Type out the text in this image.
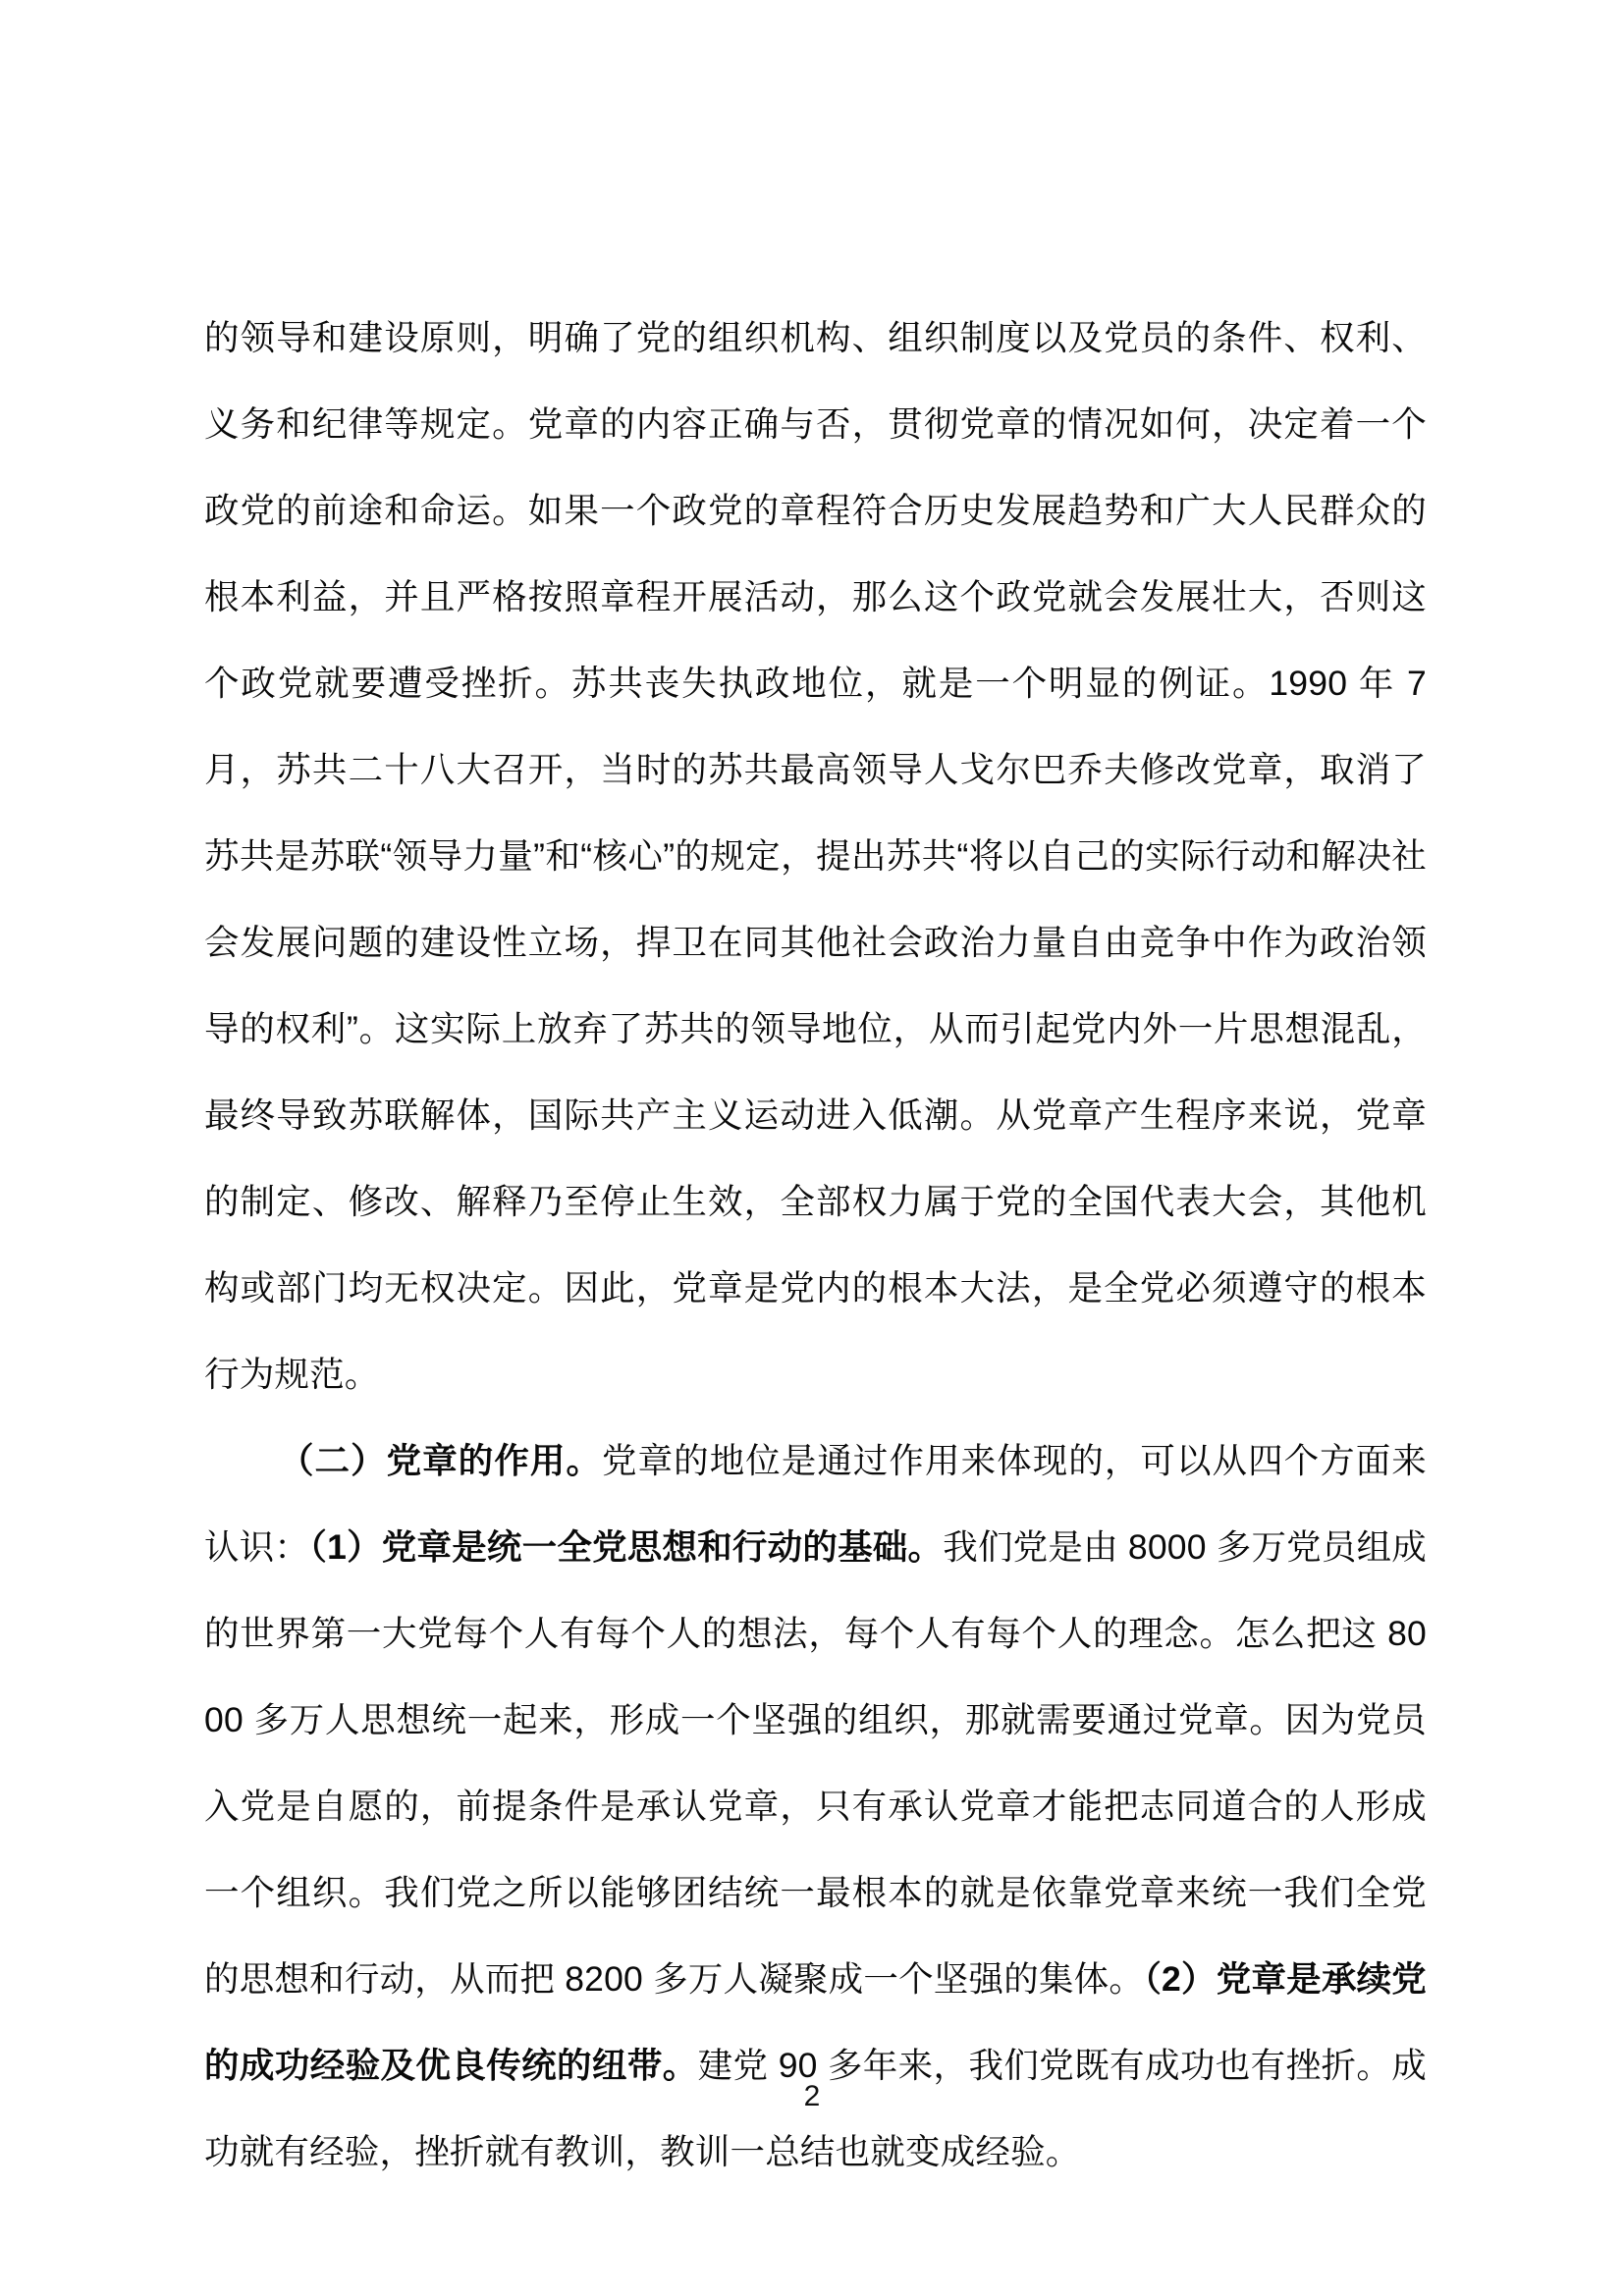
的领导和建设原则，明确了党的组织机构、组织制度以及党员的条件、权利、义务和纪律等规定。党章的内容正确与否，贯彻党章的情况如何，决定着一个政党的前途和命运。如果一个政党的章程符合历史发展趋势和广大人民群众的根本利益，并且严格按照章程开展活动，那么这个政党就会发展壮大，否则这个政党就要遭受挫折。苏共丧失执政地位，就是一个明显的例证。1990 年 7 月，苏共二十八大召开，当时的苏共最高领导人戈尔巴乔夫修改党章，取消了苏共是苏联“领导力量”和“核心”的规定，提出苏共“将以自己的实际行动和解决社会发展问题的建设性立场，捍卫在同其他社会政治力量自由竞争中作为政治领导的权利”。这实际上放弃了苏共的领导地位，从而引起党内外一片思想混乱，最终导致苏联解体，国际共产主义运动进入低潮。从党章产生程序来说，党章的制定、修改、解释乃至停止生效，全部权力属于党的全国代表大会，其他机构或部门均无权决定。因此，党章是党内的根本大法，是全党必须遵守的根本行为规范。

（二）党章的作用。党章的地位是通过作用来体现的，可以从四个方面来认识：（1）党章是统一全党思想和行动的基础。我们党是由 8000 多万党员组成的世界第一大党每个人有每个人的想法，每个人有每个人的理念。怎么把这 8000 多万人思想统一起来，形成一个坚强的组织，那就需要通过党章。因为党员入党是自愿的，前提条件是承认党章，只有承认党章才能把志同道合的人形成一个组织。我们党之所以能够团结统一最根本的就是依靠党章来统一我们全党的思想和行动，从而把 8200 多万人凝聚成一个坚强的集体。（2）党章是承续党的成功经验及优良传统的纽带。建党 90 多年来，我们党既有成功也有挫折。成功就有经验，挫折就有教训，教训一总结也就变成经验。

2
